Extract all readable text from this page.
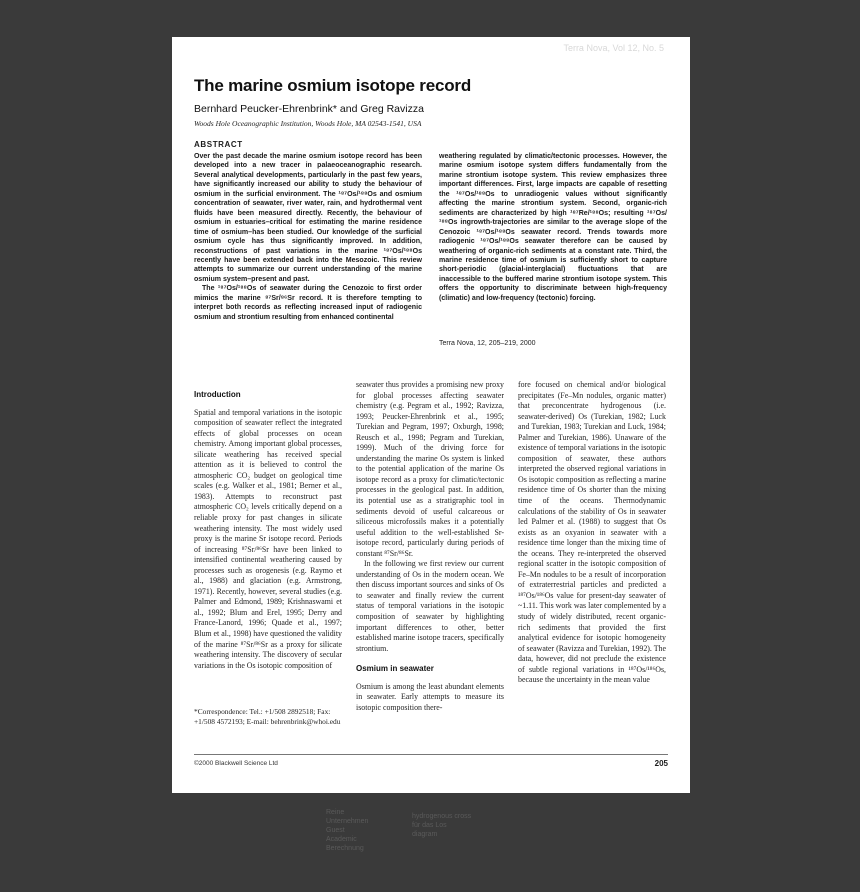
Terra Nova, Vol 12, No. 5
The marine osmium isotope record
Bernhard Peucker-Ehrenbrink* and Greg Ravizza
Woods Hole Oceanographic Institution, Woods Hole, MA 02543-1541, USA
ABSTRACT

Over the past decade the marine osmium isotope record has been developed into a new tracer in palaeoceanographic research. Several analytical developments, particularly in the past few years, have significantly increased our ability to study the behaviour of osmium in the surficial environment. The ¹⁸⁷Os/¹⁸⁸Os and osmium concentration of seawater, river water, rain, and hydrothermal vent fluids have been measured directly. Recently, the behaviour of osmium in estuaries–critical for estimating the marine residence time of osmium–has been studied. Our knowledge of the surficial osmium cycle has thus significantly improved. In addition, reconstructions of past variations in the marine ¹⁸⁷Os/¹⁸⁸Os recently have been extended back into the Mesozoic. This review attempts to summarize our current understanding of the marine osmium system–present and past.

The ¹⁸⁷Os/¹⁸⁸Os of seawater during the Cenozoic to first order mimics the marine ⁸⁷Sr/⁸⁶Sr record. It is therefore tempting to interpret both records as reflecting increased input of radiogenic osmium and strontium resulting from enhanced continental

weathering regulated by climatic/tectonic processes. However, the marine osmium isotope system differs fundamentally from the marine strontium isotope system. This review emphasizes three important differences. First, large impacts are capable of resetting the ¹⁸⁷Os/¹⁸⁸Os to unradiogenic values without significantly affecting the marine strontium system. Second, organic-rich sediments are characterized by high ¹⁸⁷Re/¹⁸⁸Os; resulting ¹⁸⁷Os/¹⁸⁸Os ingrowth-trajectories are similar to the average slope of the Cenozoic ¹⁸⁷Os/¹⁸⁸Os seawater record. Trends towards more radiogenic ¹⁸⁷Os/¹⁸⁸Os seawater therefore can be caused by weathering of organic-rich sediments at a constant rate. Third, the marine residence time of osmium is sufficiently short to capture short-periodic (glacial-interglacial) fluctuations that are inaccessible to the buffered marine strontium isotope system. This offers the opportunity to discriminate between high-frequency (climatic) and low-frequency (tectonic) forcing.

Terra Nova, 12, 205–219, 2000

Introduction

Spatial and temporal variations in the isotopic composition of seawater reflect the integrated effects of global processes on ocean chemistry. Among important global processes, silicate weathering has received special attention as it is believed to control the atmospheric CO₂ budget on geological time scales (e.g. Walker et al., 1981; Berner et al., 1983). Attempts to reconstruct past atmospheric CO₂ levels critically depend on a reliable proxy for past changes in silicate weathering intensity. The most widely used proxy is the marine Sr isotope record. Periods of increasing ⁸⁷Sr/⁸⁶Sr have been linked to intensified continental weathering caused by processes such as orogenesis (e.g. Raymo et al., 1988) and glaciation (e.g. Armstrong, 1971). Recently, however, several studies (e.g. Palmer and Edmond, 1989; Krishnaswami et al., 1992; Blum and Erel, 1995; Derry and France-Lanord, 1996; Quade et al., 1997; Blum et al., 1998) have questioned the validity of the marine ⁸⁷Sr/⁸⁶Sr as a proxy for silicate weathering intensity. The discovery of secular variations in the Os isotopic composition of

*Correspondence: Tel.: +1/508 2892518; Fax: +1/508 4572193; E-mail: behrenbrink@whoi.edu

seawater thus provides a promising new proxy for global processes affecting seawater chemistry (e.g. Pegram et al., 1992; Ravizza, 1993; Peucker-Ehrenbrink et al., 1995; Turekian and Pegram, 1997; Oxburgh, 1998; Reusch et al., 1998; Pegram and Turekian, 1999). Much of the driving force for understanding the marine Os system is linked to the potential application of the marine Os isotope record as a proxy for climatic/tectonic processes in the geological past. In addition, its potential use as a stratigraphic tool in sediments devoid of useful calcareous or siliceous microfossils makes it a potentially useful addition to the well-established Sr-isotope record, particularly during periods of constant ⁸⁷Sr/⁸⁶Sr.

In the following we first review our current understanding of Os in the modern ocean. We then discuss important sources and sinks of Os to seawater and finally review the current status of temporal variations in the isotopic composition of seawater by highlighting important differences to other, better established marine isotope tracers, specifically strontium.

Osmium in seawater

Osmium is among the least abundant elements in seawater. Early attempts to measure its isotopic composition there-

fore focused on chemical and/or biological precipitates (Fe–Mn nodules, organic matter) that preconcentrate hydrogenous (i.e. seawater-derived) Os (Turekian, 1982; Luck and Turekian, 1983; Turekian and Luck, 1984; Palmer and Turekian, 1986). Unaware of the existence of temporal variations in the isotopic composition of seawater, these authors interpreted the observed regional variations in Os isotopic composition as reflecting a marine residence time of Os shorter than the mixing time of the oceans. Thermodynamic calculations of the stability of Os in seawater led Palmer et al. (1988) to suggest that Os exists as an oxyanion in seawater with a residence time longer than the mixing time of the oceans. They re-interpreted the observed regional scatter in the isotopic composition of Fe–Mn nodules to be a result of incorporation of extraterrestrial particles and predicted a ¹⁸⁷Os/¹⁸⁶Os value for present-day seawater of ~1.11. This work was later complemented by a study of widely distributed, recent organic-rich sediments that provided the first analytical evidence for isotopic homogeneity of seawater (Ravizza and Turekian, 1992). The data, however, did not preclude the existence of subtle regional variations in ¹⁸⁷Os/¹⁸⁶Os, because the uncertainty in the mean value

©2000 Blackwell Science Ltd	205
Reine
Unternehmen
Guest
Academic
Berechnung
hydrogenous cross
für das Los
diagram
